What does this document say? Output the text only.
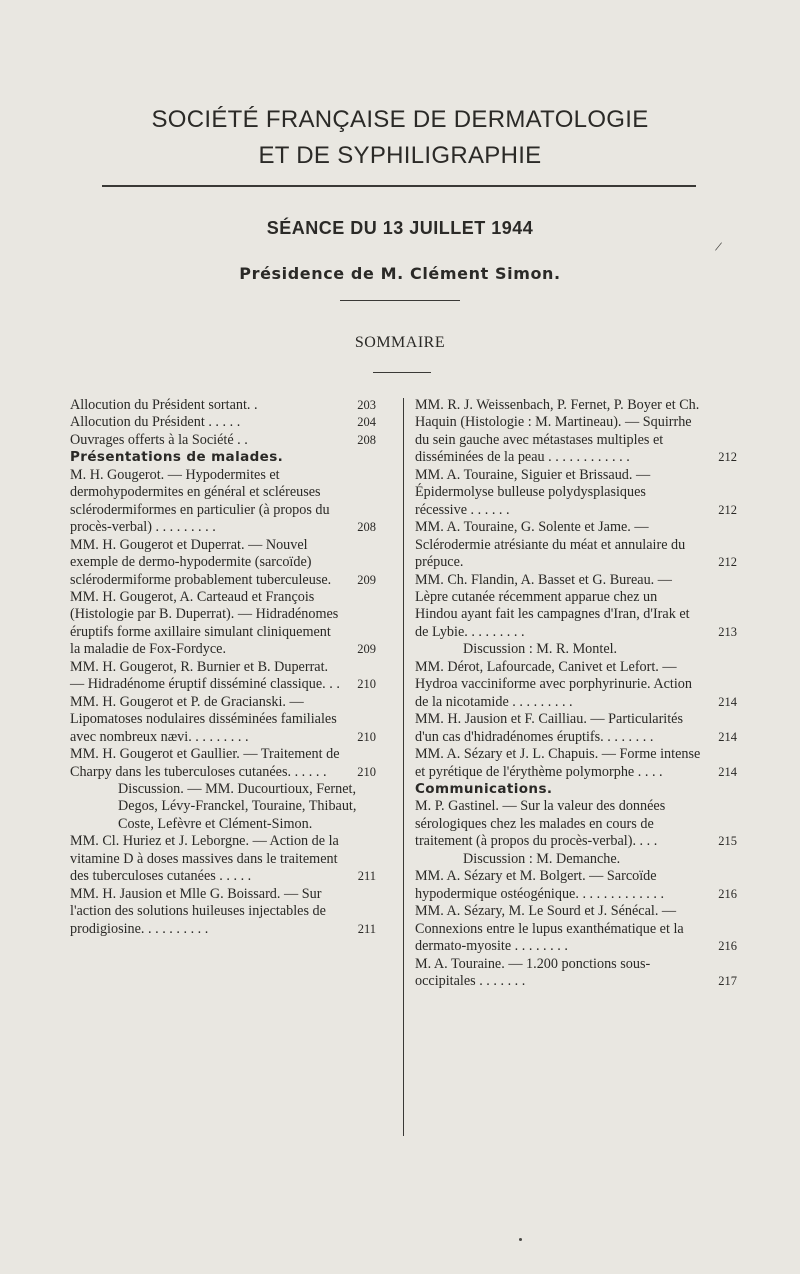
SOCIÉTÉ FRANÇAISE DE DERMATOLOGIE
ET DE SYPHILIGRAPHIE
SÉANCE DU 13 JUILLET 1944
/
Présidence de M. Clément Simon.
SOMMAIRE
Allocution du Président sortant. .	203
Allocution du Président . . . . .	204
Ouvrages offerts à la Société . .	208
Présentations de malades.
M. H. Gougerot. — Hypodermites et dermohypodermites en général et scléreuses sclérodermiformes en particulier (à propos du procès-verbal) . . . . . . . . .	208
MM. H. Gougerot et Duperrat. — Nouvel exemple de dermo-hypodermite (sarcoïde) sclérodermiforme probablement tuberculeuse.	209
MM. H. Gougerot, A. Carteaud et François (Histologie par B. Duperrat). — Hidradénomes éruptifs forme axillaire simulant cliniquement la maladie de Fox-Fordyce.	209
MM. H. Gougerot, R. Burnier et B. Duperrat. — Hidradénome éruptif disséminé classique. . .	210
MM. H. Gougerot et P. de Gracianski. — Lipomatoses nodulaires disséminées familiales avec nombreux nævi. . . . . . . . .	210
MM. H. Gougerot et Gaullier. — Traitement de Charpy dans les tuberculoses cutanées. . . . . .	210
Discussion. — MM. Ducourtioux, Fernet, Degos, Lévy-Franckel, Touraine, Thibaut, Coste, Lefèvre et Clément-Simon.
MM. Cl. Huriez et J. Leborgne. — Action de la vitamine D à doses massives dans le traitement des tuberculoses cutanées . . . . .	211
MM. H. Jausion et Mlle G. Boissard. — Sur l'action des solutions huileuses injectables de prodigiosine. . . . . . . . . .	211
MM. R. J. Weissenbach, P. Fernet, P. Boyer et Ch. Haquin (Histologie : M. Martineau). — Squirrhe du sein gauche avec métastases multiples et disséminées de la peau . . . . . . . . . . . .	212
MM. A. Touraine, Siguier et Brissaud. — Épidermolyse bulleuse polydysplasiques récessive . . . . . .	212
MM. A. Touraine, G. Solente et Jame. — Sclérodermie atrésiante du méat et annulaire du prépuce.	212
MM. Ch. Flandin, A. Basset et G. Bureau. — Lèpre cutanée récemment apparue chez un Hindou ayant fait les campagnes d'Iran, d'Irak et de Lybie. . . . . . . . .	213
Discussion : M. R. Montel.
MM. Dérot, Lafourcade, Canivet et Lefort. — Hydroa vacciniforme avec porphyrinurie. Action de la nicotamide . . . . . . . . .	214
MM. H. Jausion et F. Cailliau. — Particularités d'un cas d'hidradénomes éruptifs. . . . . . . .	214
MM. A. Sézary et J. L. Chapuis. — Forme intense et pyrétique de l'érythème polymorphe . . . .	214
Communications.
M. P. Gastinel. — Sur la valeur des données sérologiques chez les malades en cours de traitement (à propos du procès-verbal). . . .	215
Discussion : M. Demanche.
MM. A. Sézary et M. Bolgert. — Sarcoïde hypodermique ostéogénique. . . . . . . . . . . . .	216
MM. A. Sézary, M. Le Sourd et J. Sénécal. — Connexions entre le lupus exanthématique et la dermato-myosite . . . . . . . .	216
M. A. Touraine. — 1.200 ponctions sous-occipitales . . . . . . .	217
